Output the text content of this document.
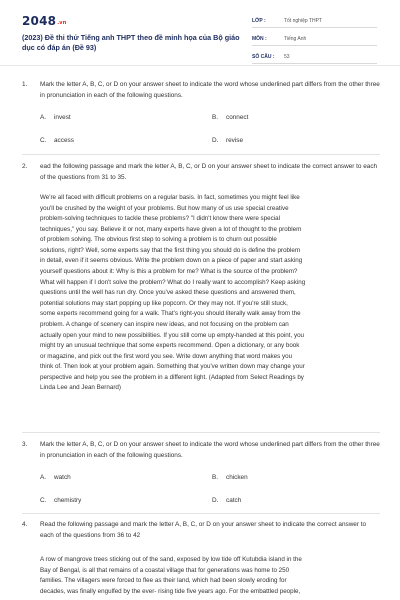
2048.vn
(2023) Đề thi thử Tiếng anh THPT theo đề minh họa của Bộ giáo dục có đáp án (Đề 93)
LỚP :	Tốt nghiệp THPT
MÔN :	Tiếng Anh
SỐ CÂU :	53
1.	Mark the letter A, B, C, or D on your answer sheet to indicate the word whose underlined part differs from the other three in pronunciation in each of the following questions.
A. invest	B. connect
C. access	D. revise
2.	ead the following passage and mark the letter A, B, C, or D on your answer sheet to indicate the correct answer to each of the questions from 31 to 35.
We're all faced with difficult problems on a regular basis. In fact, sometimes you might feel like
you'll be crushed by the weight of your problems. But how many of us use special creative
problem-solving techniques to tackle these problems? "I didn't know there were special
techniques," you say. Believe it or not, many experts have given a lot of thought to the problem
of problem solving. The obvious first step to solving a problem is to churn out possible
solutions, right? Well, some experts say that the first thing you should do is define the problem
in detail, even if it seems obvious. Write the problem down on a piece of paper and start asking
yourself questions about it: Why is this a problem for me? What is the source of the problem?
What will happen if I don't solve the problem? What do I really want to accomplish? Keep asking
questions until the well has run dry. Once you've asked these questions and answered them,
potential solutions may start popping up like popcorn. Or they may not. If you're still stuck,
some experts recommend going for a walk. That's right-you should literally walk away from the
problem. A change of scenery can inspire new ideas, and not focusing on the problem can
actually open your mind to new possibilities. If you still come up empty-handed at this point, you
might try an unusual technique that some experts recommend. Open a dictionary, or any book
or magazine, and pick out the first word you see. Write down anything that word makes you
think of. Then look at your problem again. Something that you've written down may change your
perspective and help you see the problem in a different light. (Adapted from Select Readings by
Linda Lee and Jean Bernard)
3.	Mark the letter A, B, C, or D on your answer sheet to indicate the word whose underlined part differs from the other three in pronunciation in each of the following questions.
A. watch	B. chicken
C. chemistry	D. catch
4.	Read the following passage and mark the letter A, B, C, or D on your answer sheet to indicate the correct answer to each of the questions from 36 to 42
A row of mangrove trees sticking out of the sand, exposed by low tide off Kutubdia island in the
Bay of Bengal, is all that remains of a coastal village that for generations was home to 250
families. The villagers were forced to flee as their land, which had been slowly eroding for
decades, was finally engulfed by the ever- rising tide five years ago. For the embattled people,
